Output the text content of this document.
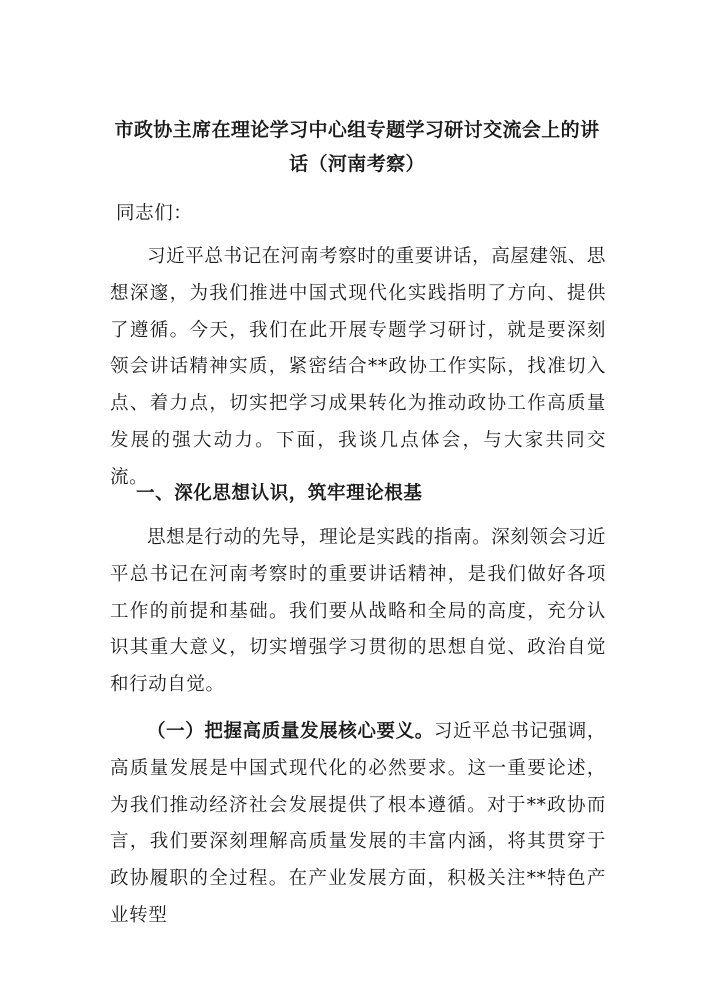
市政协主席在理论学习中心组专题学习研讨交流会上的讲话（河南考察）
同志们：
习近平总书记在河南考察时的重要讲话，高屋建瓴、思想深邃，为我们推进中国式现代化实践指明了方向、提供了遵循。今天，我们在此开展专题学习研讨，就是要深刻领会讲话精神实质，紧密结合**政协工作实际，找准切入点、着力点，切实把学习成果转化为推动政协工作高质量发展的强大动力。下面，我谈几点体会，与大家共同交流。
一、深化思想认识，筑牢理论根基
思想是行动的先导，理论是实践的指南。深刻领会习近平总书记在河南考察时的重要讲话精神，是我们做好各项工作的前提和基础。我们要从战略和全局的高度，充分认识其重大意义，切实增强学习贯彻的思想自觉、政治自觉和行动自觉。
（一）把握高质量发展核心要义。习近平总书记强调，高质量发展是中国式现代化的必然要求。这一重要论述，为我们推动经济社会发展提供了根本遵循。对于**政协而言，我们要深刻理解高质量发展的丰富内涵，将其贯穿于政协履职的全过程。在产业发展方面，积极关注**特色产业转型
